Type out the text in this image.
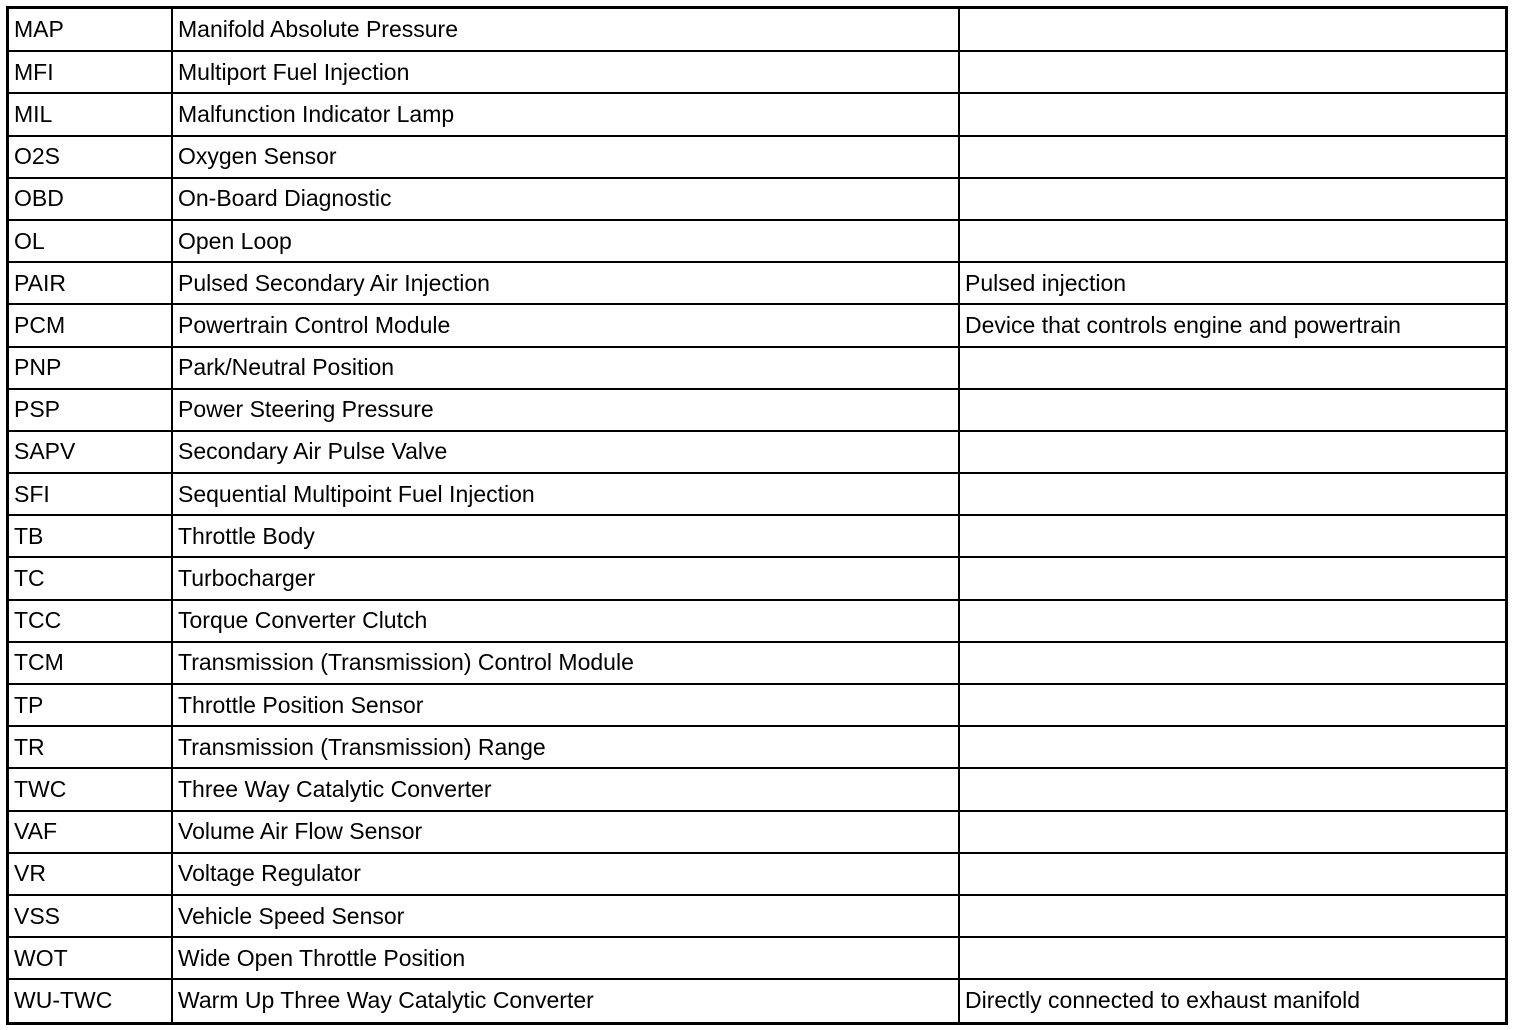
MAP	Manifold Absolute Pressure	
MFI	Multiport Fuel Injection	
MIL	Malfunction Indicator Lamp	
O2S	Oxygen Sensor	
OBD	On-Board Diagnostic	
OL	Open Loop	
PAIR	Pulsed Secondary Air Injection	Pulsed injection
PCM	Powertrain Control Module	Device that controls engine and powertrain
PNP	Park/Neutral Position	
PSP	Power Steering Pressure	
SAPV	Secondary Air Pulse Valve	
SFI	Sequential Multipoint Fuel Injection	
TB	Throttle Body	
TC	Turbocharger	
TCC	Torque Converter Clutch	
TCM	Transmission (Transmission) Control Module	
TP	Throttle Position Sensor	
TR	Transmission (Transmission) Range	
TWC	Three Way Catalytic Converter	
VAF	Volume Air Flow Sensor	
VR	Voltage Regulator	
VSS	Vehicle Speed Sensor	
WOT	Wide Open Throttle Position	
WU-TWC	Warm Up Three Way Catalytic Converter	Directly connected to exhaust manifold
